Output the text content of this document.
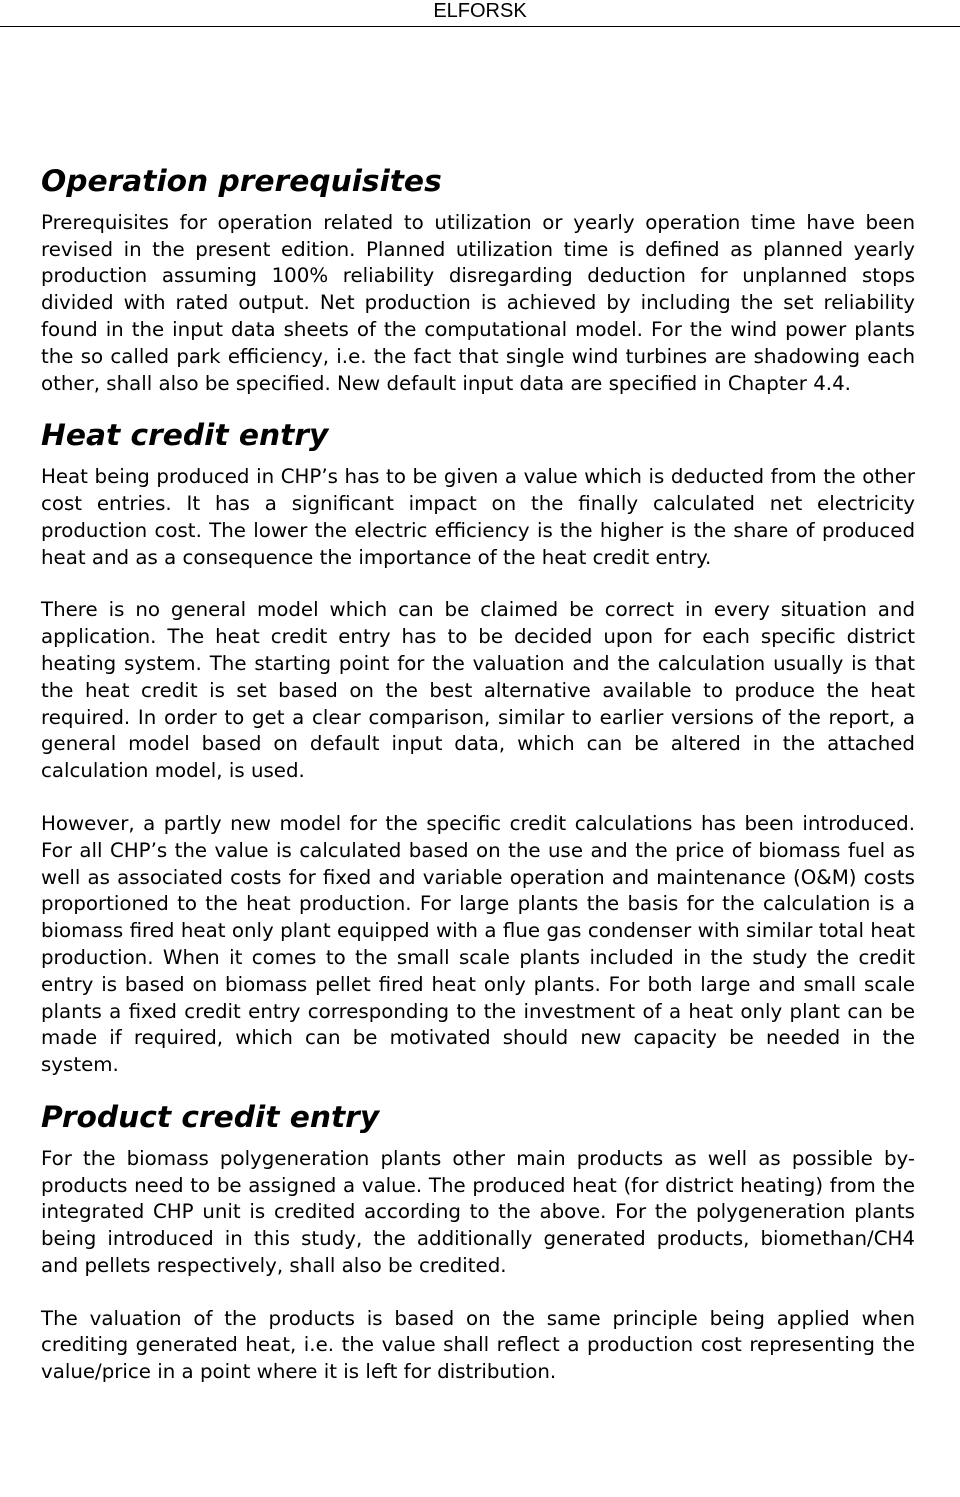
ELFORSK
Operation prerequisites

Prerequisites for operation related to utilization or yearly operation time have been revised in the present edition. Planned utilization time is defined as planned yearly production assuming 100% reliability disregarding deduction for unplanned stops divided with rated output. Net production is achieved by including the set reliability found in the input data sheets of the computational model. For the wind power plants the so called park efficiency, i.e. the fact that single wind turbines are shadowing each other, shall also be specified. New default input data are specified in Chapter 4.4.

Heat credit entry

Heat being produced in CHP’s has to be given a value which is deducted from the other cost entries. It has a significant impact on the finally calculated net electricity production cost. The lower the electric efficiency is the higher is the share of produced heat and as a consequence the importance of the heat credit entry.

There is no general model which can be claimed be correct in every situation and application. The heat credit entry has to be decided upon for each specific district heating system. The starting point for the valuation and the calculation usually is that the heat credit is set based on the best alternative available to produce the heat required. In order to get a clear comparison, similar to earlier versions of the report, a general model based on default input data, which can be altered in the attached calculation model, is used.

However, a partly new model for the specific credit calculations has been introduced. For all CHP’s the value is calculated based on the use and the price of biomass fuel as well as associated costs for fixed and variable operation and maintenance (O&M) costs proportioned to the heat production. For large plants the basis for the calculation is a biomass fired heat only plant equipped with a flue gas condenser with similar total heat production. When it comes to the small scale plants included in the study the credit entry is based on biomass pellet fired heat only plants. For both large and small scale plants a fixed credit entry corresponding to the investment of a heat only plant can be made if required, which can be motivated should new capacity be needed in the system.

Product credit entry

For the biomass polygeneration plants other main products as well as possible by-products need to be assigned a value. The produced heat (for district heating) from the integrated CHP unit is credited according to the above. For the polygeneration plants being introduced in this study, the additionally generated products, biomethan/CH4 and pellets respectively, shall also be credited.

The valuation of the products is based on the same principle being applied when crediting generated heat, i.e. the value shall reflect a production cost representing the value/price in a point where it is left for distribution.
